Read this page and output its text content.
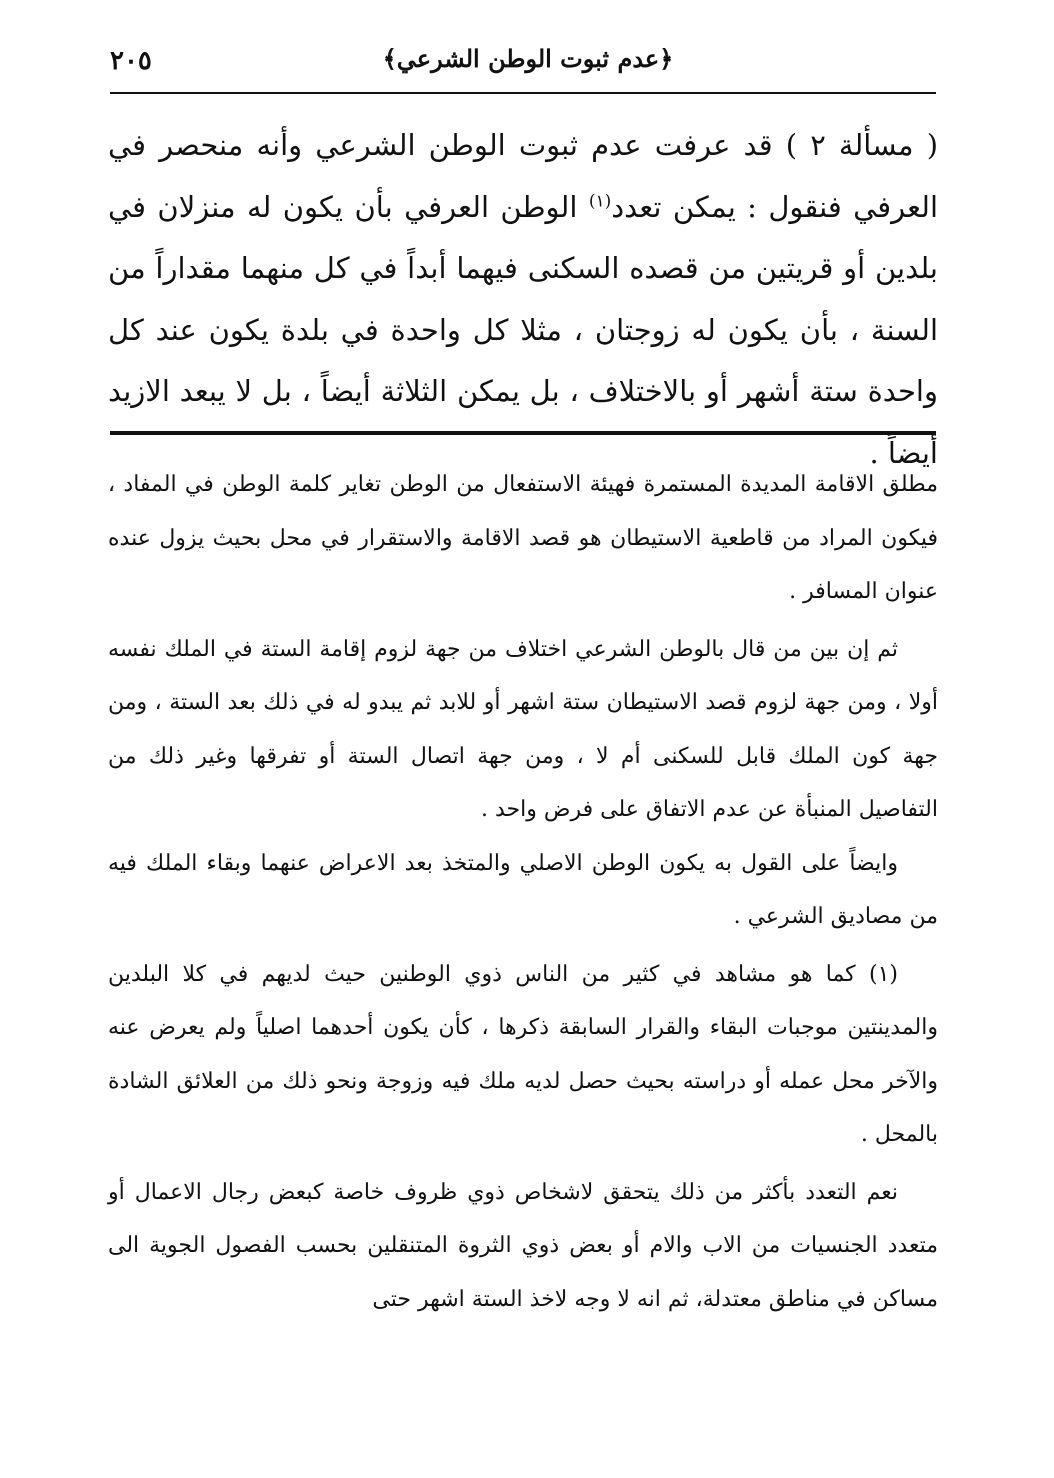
٢٠٥	﴿عدم ثبوت الوطن الشرعي﴾

( مسألة ٢ ) قد عرفت عدم ثبوت الوطن الشرعي وأنه منحصر في العرفي فنقول : يمكن تعدد$^{(١)}$ الوطن العرفي بأن يكون له منزلان في بلدين أو قريتين من قصده السكنى فيهما أبداً في كل منهما مقداراً من السنة ، بأن يكون له زوجتان ، مثلا كل واحدة في بلدة يكون عند كل واحدة ستة أشهر أو بالاختلاف ، بل يمكن الثلاثة أيضاً ، بل لا يبعد الازيد أيضاً .

مطلق الاقامة المديدة المستمرة فهيئة الاستفعال من الوطن تغاير كلمة الوطن في المفاد ، فيكون المراد من قاطعية الاستيطان هو قصد الاقامة والاستقرار في محل بحيث يزول عنده عنوان المسافر .

ثم إن بين من قال بالوطن الشرعي اختلاف من جهة لزوم إقامة الستة في الملك نفسه أولا ، ومن جهة لزوم قصد الاستيطان ستة اشهر أو للابد ثم يبدو له في ذلك بعد الستة ، ومن جهة كون الملك قابل للسكنى أم لا ، ومن جهة اتصال الستة أو تفرقها وغير ذلك من التفاصيل المنبأة عن عدم الاتفاق على فرض واحد .

وايضاً على القول به يكون الوطن الاصلي والمتخذ بعد الاعراض عنهما وبقاء الملك فيه من مصاديق الشرعي .

(١) كما هو مشاهد في كثير من الناس ذوي الوطنين حيث لديهم في كلا البلدين والمدينتين موجبات البقاء والقرار السابقة ذكرها ، كأن يكون أحدهما اصلياً ولم يعرض عنه والآخر محل عمله أو دراسته بحيث حصل لديه ملك فيه وزوجة ونحو ذلك من العلائق الشادة بالمحل .

نعم التعدد بأكثر من ذلك يتحقق لاشخاص ذوي ظروف خاصة كبعض رجال الاعمال أو متعدد الجنسيات من الاب والام أو بعض ذوي الثروة المتنقلين بحسب الفصول الجوية الى مساكن في مناطق معتدلة، ثم انه لا وجه لاخذ الستة اشهر حتى
